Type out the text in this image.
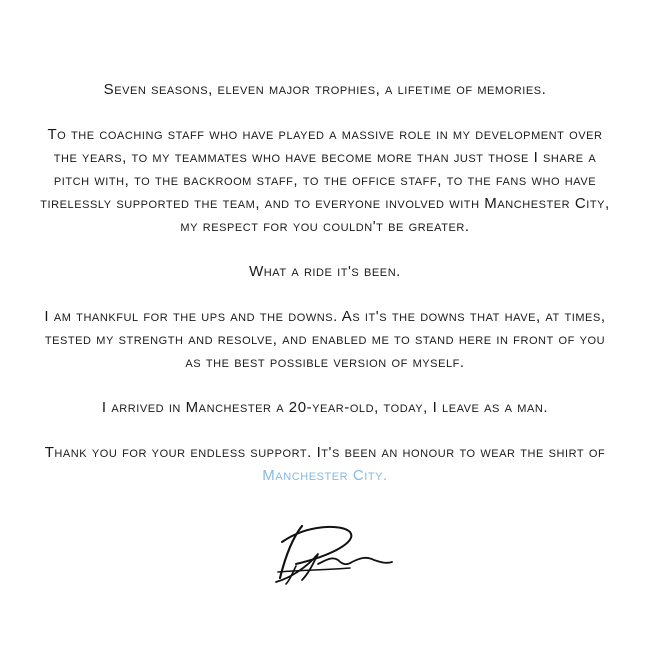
Seven seasons, eleven major trophies, a lifetime of memories.

To the coaching staff who have played a massive role in my development over
the years, to my teammates who have become more than just those I share a
pitch with, to the backroom staff, to the office staff, to the fans who have
tirelessly supported the team, and to everyone involved with Manchester City,
my respect for you couldn't be greater.

What a ride it's been.

I am thankful for the ups and the downs. As it's the downs that have, at times,
tested my strength and resolve, and enabled me to stand here in front of you
as the best possible version of myself.

I arrived in Manchester a 20-year-old, today, I leave as a man.

Thank you for your endless support. It's been an honour to wear the shirt of
Manchester City.
